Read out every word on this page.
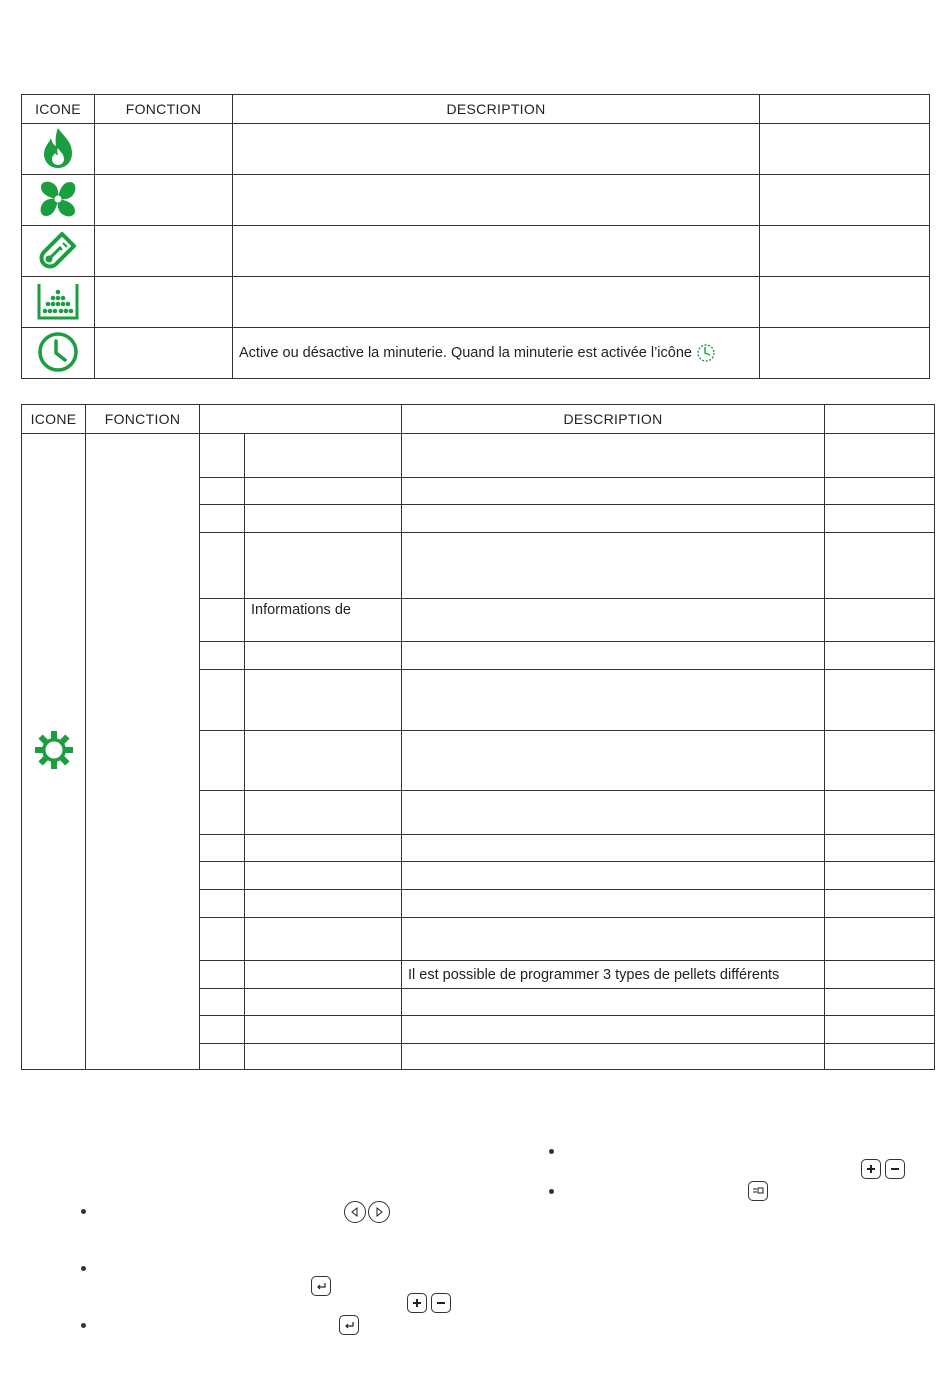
ICONE	FONCTION	DESCRIPTION	

		Active ou désactive la minuterie. Quand la minuterie est activée l’icône	
ICONE	FONCTION			DESCRIPTION	

			Informations de		

				Il est possible de programmer 3 types de pellets différents	
